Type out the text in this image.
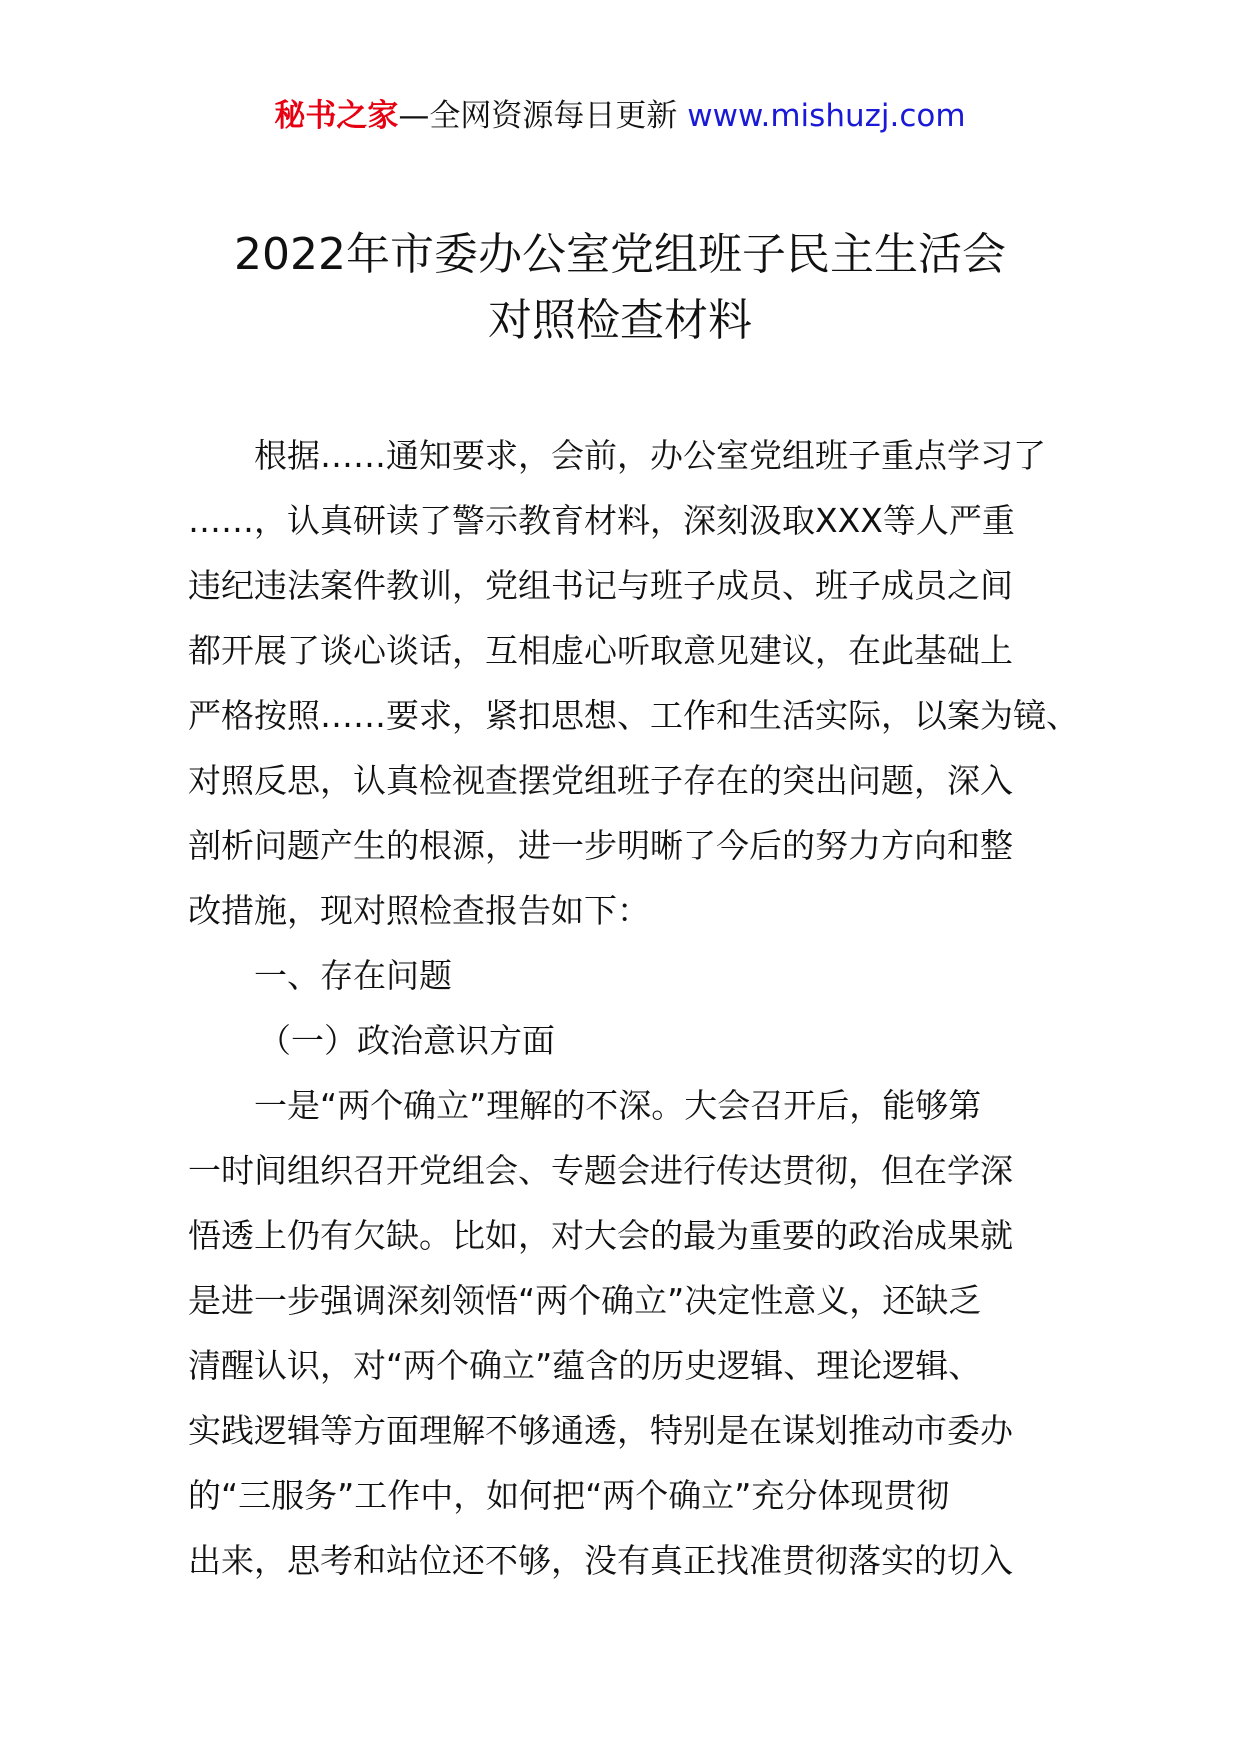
秘书之家—全网资源每日更新 www.mishuzj.com
2022年市委办公室党组班子民主生活会
对照检查材料
根据……通知要求，会前，办公室党组班子重点学习了
……，认真研读了警示教育材料，深刻汲取XXX等人严重
违纪违法案件教训，党组书记与班子成员、班子成员之间
都开展了谈心谈话，互相虚心听取意见建议，在此基础上
严格按照……要求，紧扣思想、工作和生活实际，以案为镜、
对照反思，认真检视查摆党组班子存在的突出问题，深入
剖析问题产生的根源，进一步明晰了今后的努力方向和整
改措施，现对照检查报告如下：
一、存在问题
（一）政治意识方面
一是“两个确立”理解的不深。大会召开后，能够第
一时间组织召开党组会、专题会进行传达贯彻，但在学深
悟透上仍有欠缺。比如，对大会的最为重要的政治成果就
是进一步强调深刻领悟“两个确立”决定性意义，还缺乏
清醒认识，对“两个确立”蕴含的历史逻辑、理论逻辑、
实践逻辑等方面理解不够通透，特别是在谋划推动市委办
的“三服务”工作中，如何把“两个确立”充分体现贯彻
出来，思考和站位还不够，没有真正找准贯彻落实的切入
